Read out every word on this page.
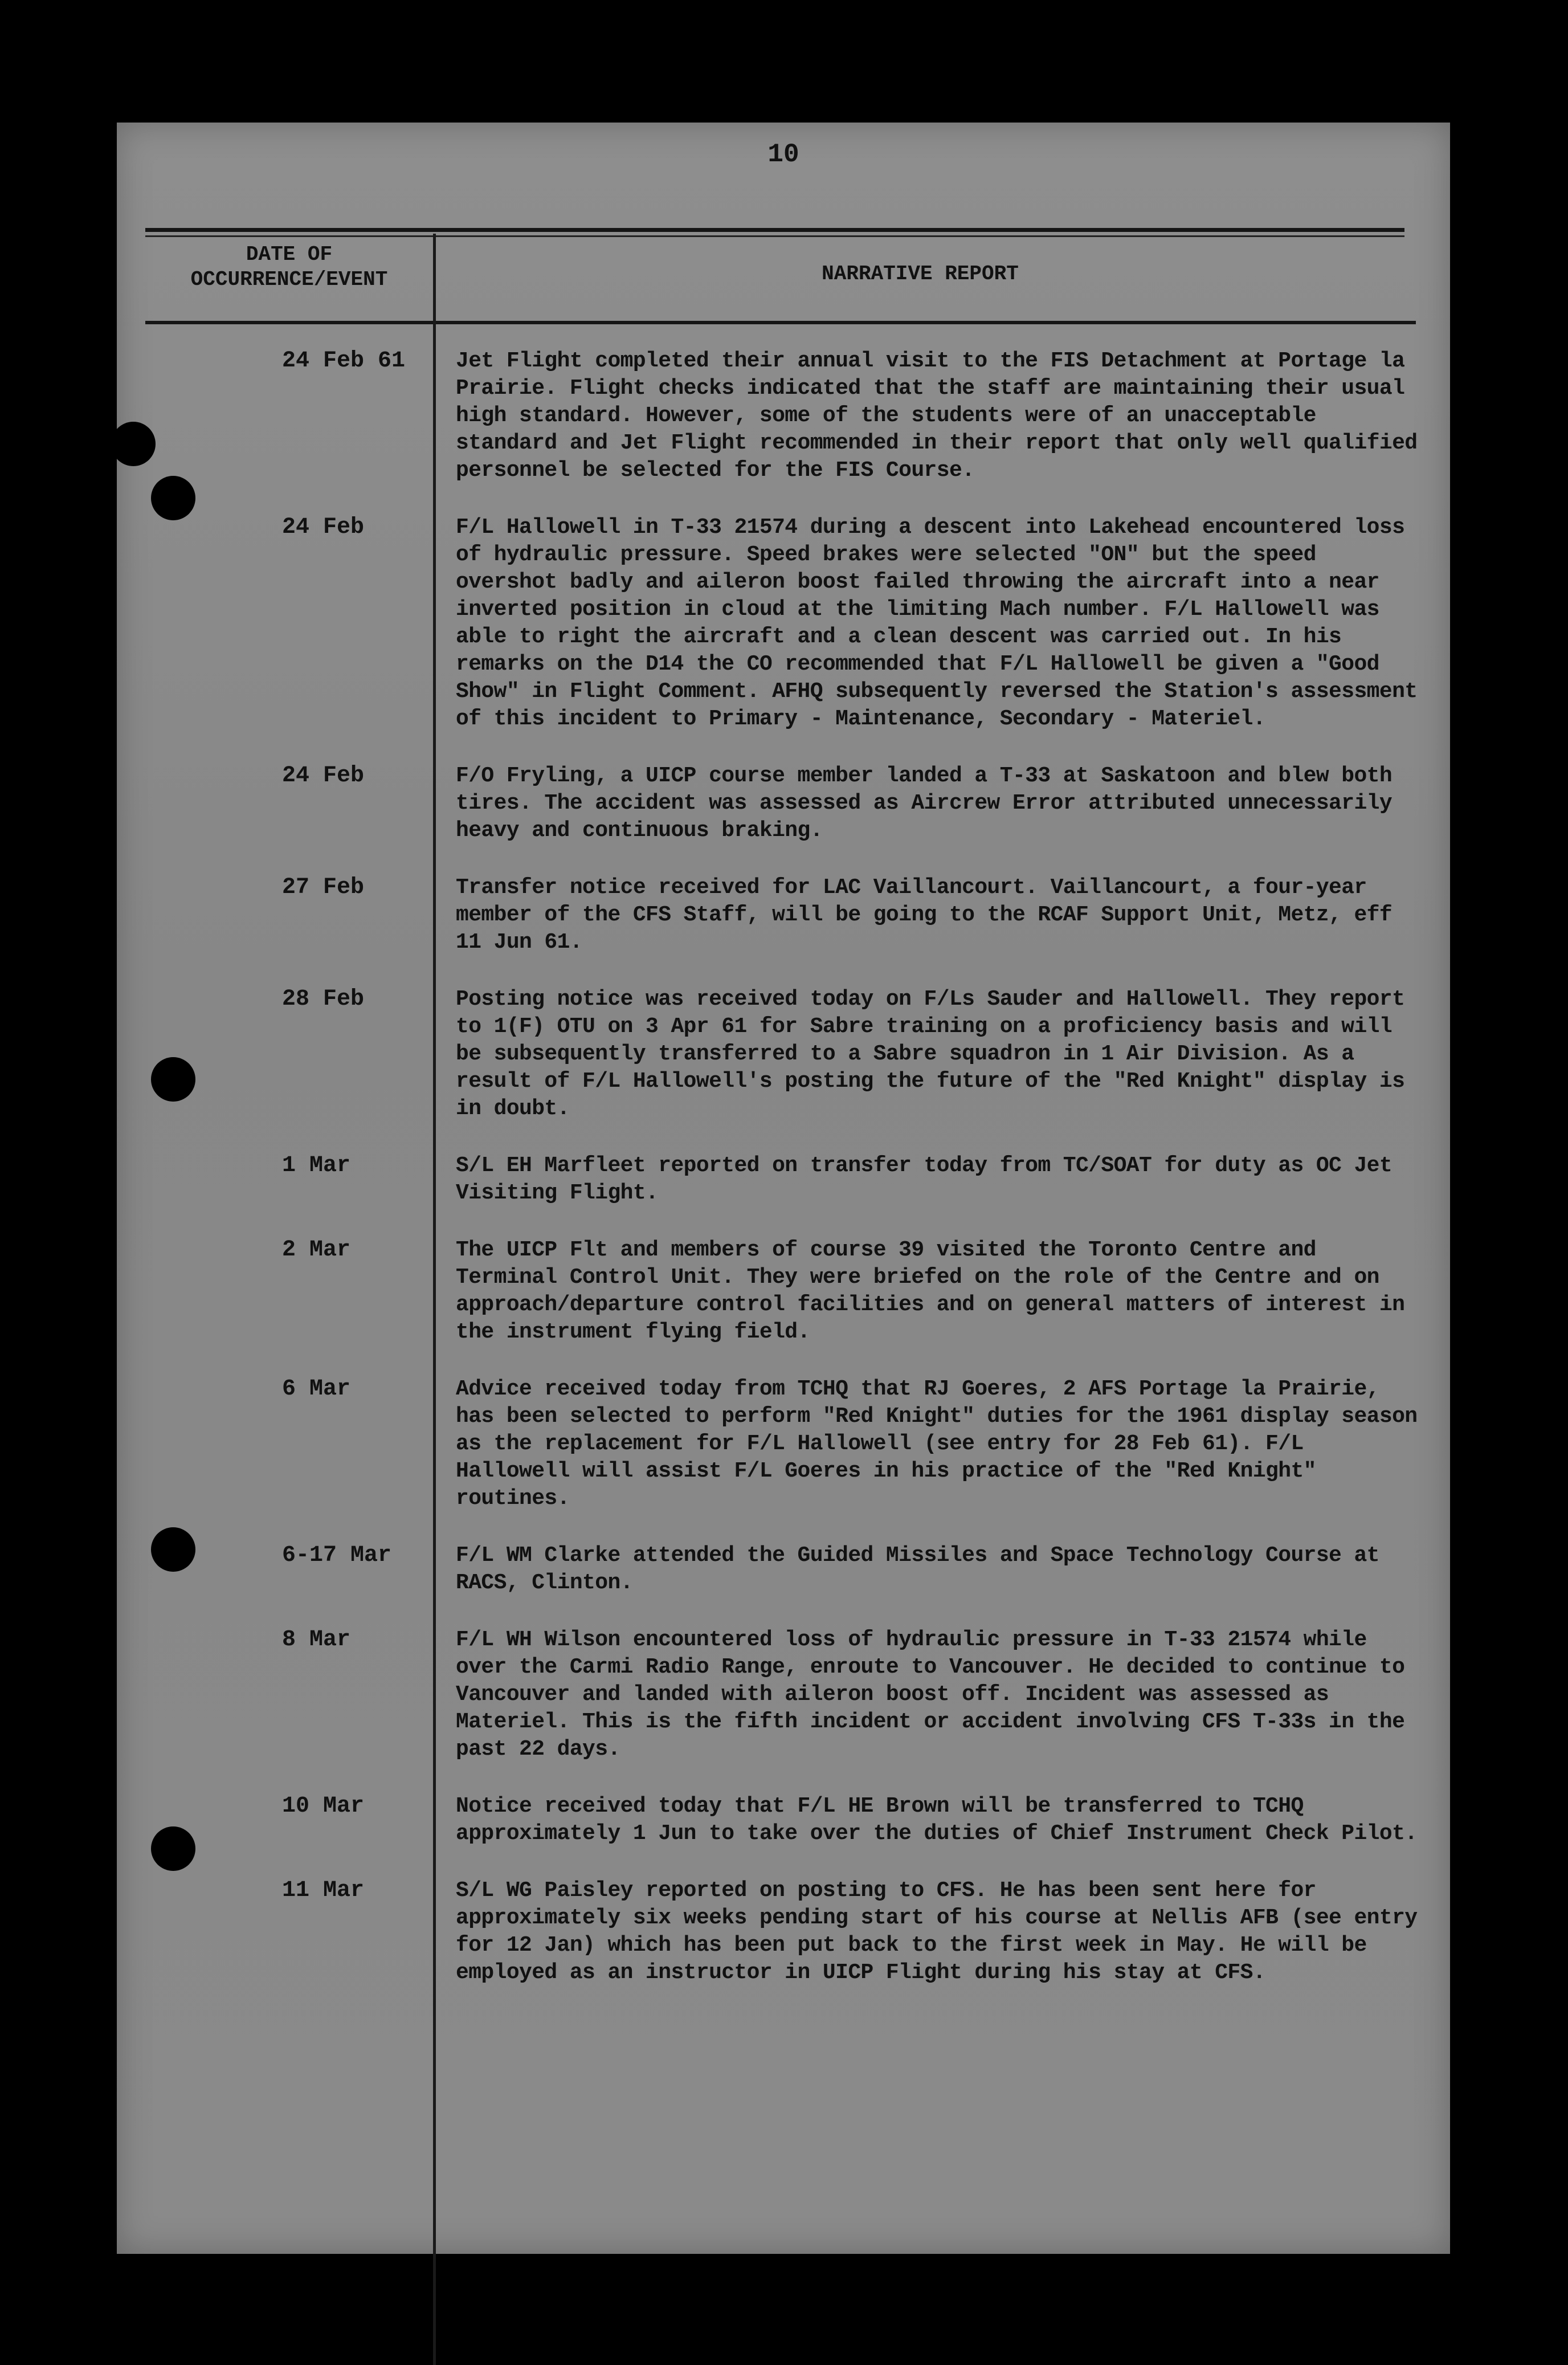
10
DATE OF
OCCURRENCE/EVENT	NARRATIVE REPORT
24 Feb 61	Jet Flight completed their annual visit to the FIS Detachment at Portage la Prairie. Flight checks indicated that the staff are maintaining their usual high standard. However, some of the students were of an unacceptable standard and Jet Flight recommended in their report that only well qualified personnel be selected for the FIS Course.
24 Feb	F/L Hallowell in T-33 21574 during a descent into Lakehead encountered loss of hydraulic pressure. Speed brakes were selected "ON" but the speed overshot badly and aileron boost failed throwing the aircraft into a near inverted position in cloud at the limiting Mach number. F/L Hallowell was able to right the aircraft and a clean descent was carried out. In his remarks on the D14 the CO recommended that F/L Hallowell be given a "Good Show" in Flight Comment. AFHQ subsequently reversed the Station's assessment of this incident to Primary - Maintenance, Secondary - Materiel.
24 Feb	F/O Fryling, a UICP course member landed a T-33 at Saskatoon and blew both tires. The accident was assessed as Aircrew Error attributed unnecessarily heavy and continuous braking.
27 Feb	Transfer notice received for LAC Vaillancourt. Vaillancourt, a four-year member of the CFS Staff, will be going to the RCAF Support Unit, Metz, eff 11 Jun 61.
28 Feb	Posting notice was received today on F/Ls Sauder and Hallowell. They report to 1(F) OTU on 3 Apr 61 for Sabre training on a proficiency basis and will be subsequently transferred to a Sabre squadron in 1 Air Division. As a result of F/L Hallowell's posting the future of the "Red Knight" display is in doubt.
1 Mar	S/L EH Marfleet reported on transfer today from TC/SOAT for duty as OC Jet Visiting Flight.
2 Mar	The UICP Flt and members of course 39 visited the Toronto Centre and Terminal Control Unit. They were briefed on the role of the Centre and on approach/departure control facilities and on general matters of interest in the instrument flying field.
6 Mar	Advice received today from TCHQ that RJ Goeres, 2 AFS Portage la Prairie, has been selected to perform "Red Knight" duties for the 1961 display season as the replacement for F/L Hallowell (see entry for 28 Feb 61). F/L Hallowell will assist F/L Goeres in his practice of the "Red Knight" routines.
6-17 Mar	F/L WM Clarke attended the Guided Missiles and Space Technology Course at RACS, Clinton.
8 Mar	F/L WH Wilson encountered loss of hydraulic pressure in T-33 21574 while over the Carmi Radio Range, enroute to Vancouver. He decided to continue to Vancouver and landed with aileron boost off. Incident was assessed as Materiel. This is the fifth incident or accident involving CFS T-33s in the past 22 days.
10 Mar	Notice received today that F/L HE Brown will be transferred to TCHQ approximately 1 Jun to take over the duties of Chief Instrument Check Pilot.
11 Mar	S/L WG Paisley reported on posting to CFS. He has been sent here for approximately six weeks pending start of his course at Nellis AFB (see entry for 12 Jan) which has been put back to the first week in May. He will be employed as an instructor in UICP Flight during his stay at CFS.
